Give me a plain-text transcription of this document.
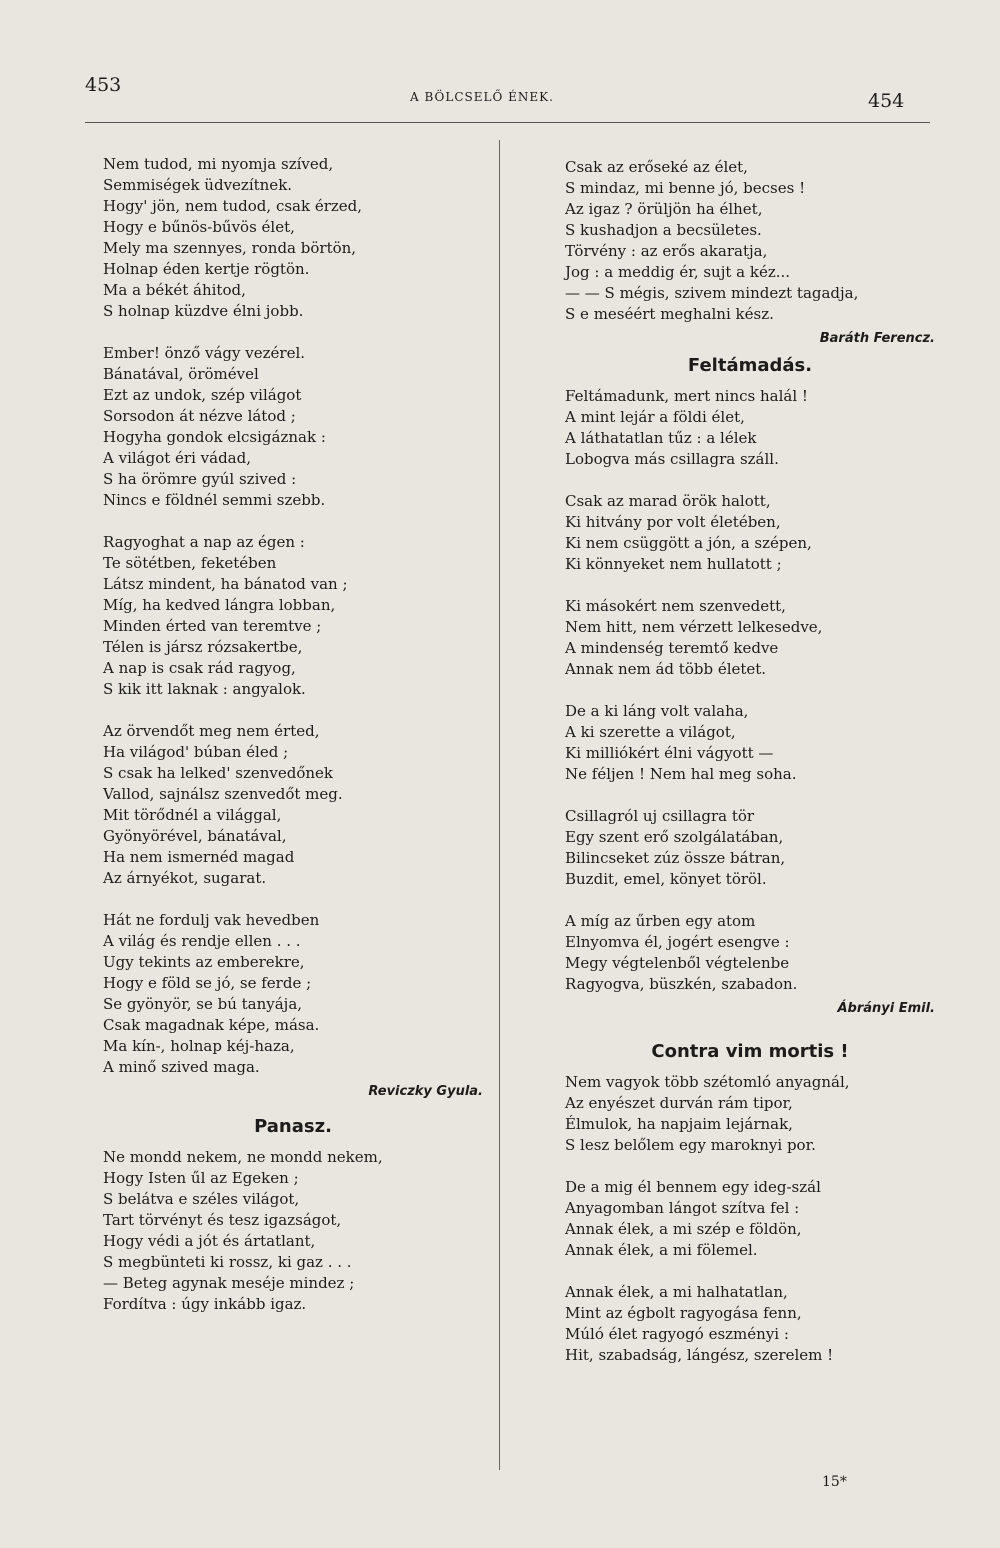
453
A BÖLCSELŐ ÉNEK.	454
Nem tudod, mi nyomja szíved,
Semmiségek üdvezítnek.
Hogy' jön, nem tudod, csak érzed,
Hogy e bűnös-bűvös élet,
Mely ma szennyes, ronda börtön,
Holnap éden kertje rögtön.
Ma a békét áhitod,
S holnap küzdve élni jobb.
Ember! önző vágy vezérel.
Bánatával, örömével
Ezt az undok, szép világot
Sorsodon át nézve látod ;
Hogyha gondok elcsigáznak :
A világot éri vádad,
S ha örömre gyúl szived :
Nincs e földnél semmi szebb.
Ragyoghat a nap az égen :
Te sötétben, feketében
Látsz mindent, ha bánatod van ;
Míg, ha kedved lángra lobban,
Minden érted van teremtve ;
Télen is jársz rózsakertbe,
A nap is csak rád ragyog,
S kik itt laknak : angyalok.
Az örvendőt meg nem érted,
Ha világod' búban éled ;
S csak ha lelked' szenvedőnek
Vallod, sajnálsz szenvedőt meg.
Mit törődnél a világgal,
Gyönyörével, bánatával,
Ha nem ismernéd magad
Az árnyékot, sugarat.
Hát ne fordulj vak hevedben
A világ és rendje ellen . . .
Ugy tekints az emberekre,
Hogy e föld se jó, se ferde ;
Se gyönyör, se bú tanyája,
Csak magadnak képe, mása.
Ma kín-, holnap kéj-haza,
A minő szived maga.
Reviczky Gyula.
Panasz.
Ne mondd nekem, ne mondd nekem,
Hogy Isten űl az Egeken ;
S belátva e széles világot,
Tart törvényt és tesz igazságot,
Hogy védi a jót és ártatlant,
S megbünteti ki rossz, ki gaz . . .
— Beteg agynak meséje mindez ;
Fordítva : úgy inkább igaz.
Csak az erőseké az élet,
S mindaz, mi benne jó, becses !
Az igaz ? örüljön ha élhet,
S kushadjon a becsületes.
Törvény : az erős akaratja,
Jog : a meddig ér, sujt a kéz...
— — S mégis, szivem mindezt tagadja,
S e meséért meghalni kész.
Baráth Ferencz.
Feltámadás.
Feltámadunk, mert nincs halál !
A mint lejár a földi élet,
A láthatatlan tűz : a lélek
Lobogva más csillagra száll.
Csak az marad örök halott,
Ki hitvány por volt életében,
Ki nem csüggött a jón, a szépen,
Ki könnyeket nem hullatott ;
Ki másokért nem szenvedett,
Nem hitt, nem vérzett lelkesedve,
A mindenség teremtő kedve
Annak nem ád több életet.
De a ki láng volt valaha,
A ki szerette a világot,
Ki milliókért élni vágyott —
Ne féljen ! Nem hal meg soha.
Csillagról uj csillagra tör
Egy szent erő szolgálatában,
Bilincseket zúz össze bátran,
Buzdit, emel, könyet töröl.
A míg az űrben egy atom
Elnyomva él, jogért esengve :
Megy végtelenből végtelenbe
Ragyogva, büszkén, szabadon.
Ábrányi Emil.
Contra vim mortis !
Nem vagyok több szétomló anyagnál,
Az enyészet durván rám tipor,
Élmulok, ha napjaim lejárnak,
S lesz belőlem egy maroknyi por.
De a mig él bennem egy ideg-szál
Anyagomban lángot szítva fel :
Annak élek, a mi szép e földön,
Annak élek, a mi fölemel.
Annak élek, a mi halhatatlan,
Mint az égbolt ragyogása fenn,
Múló élet ragyogó eszményi :
Hit, szabadság, lángész, szerelem !
15*
